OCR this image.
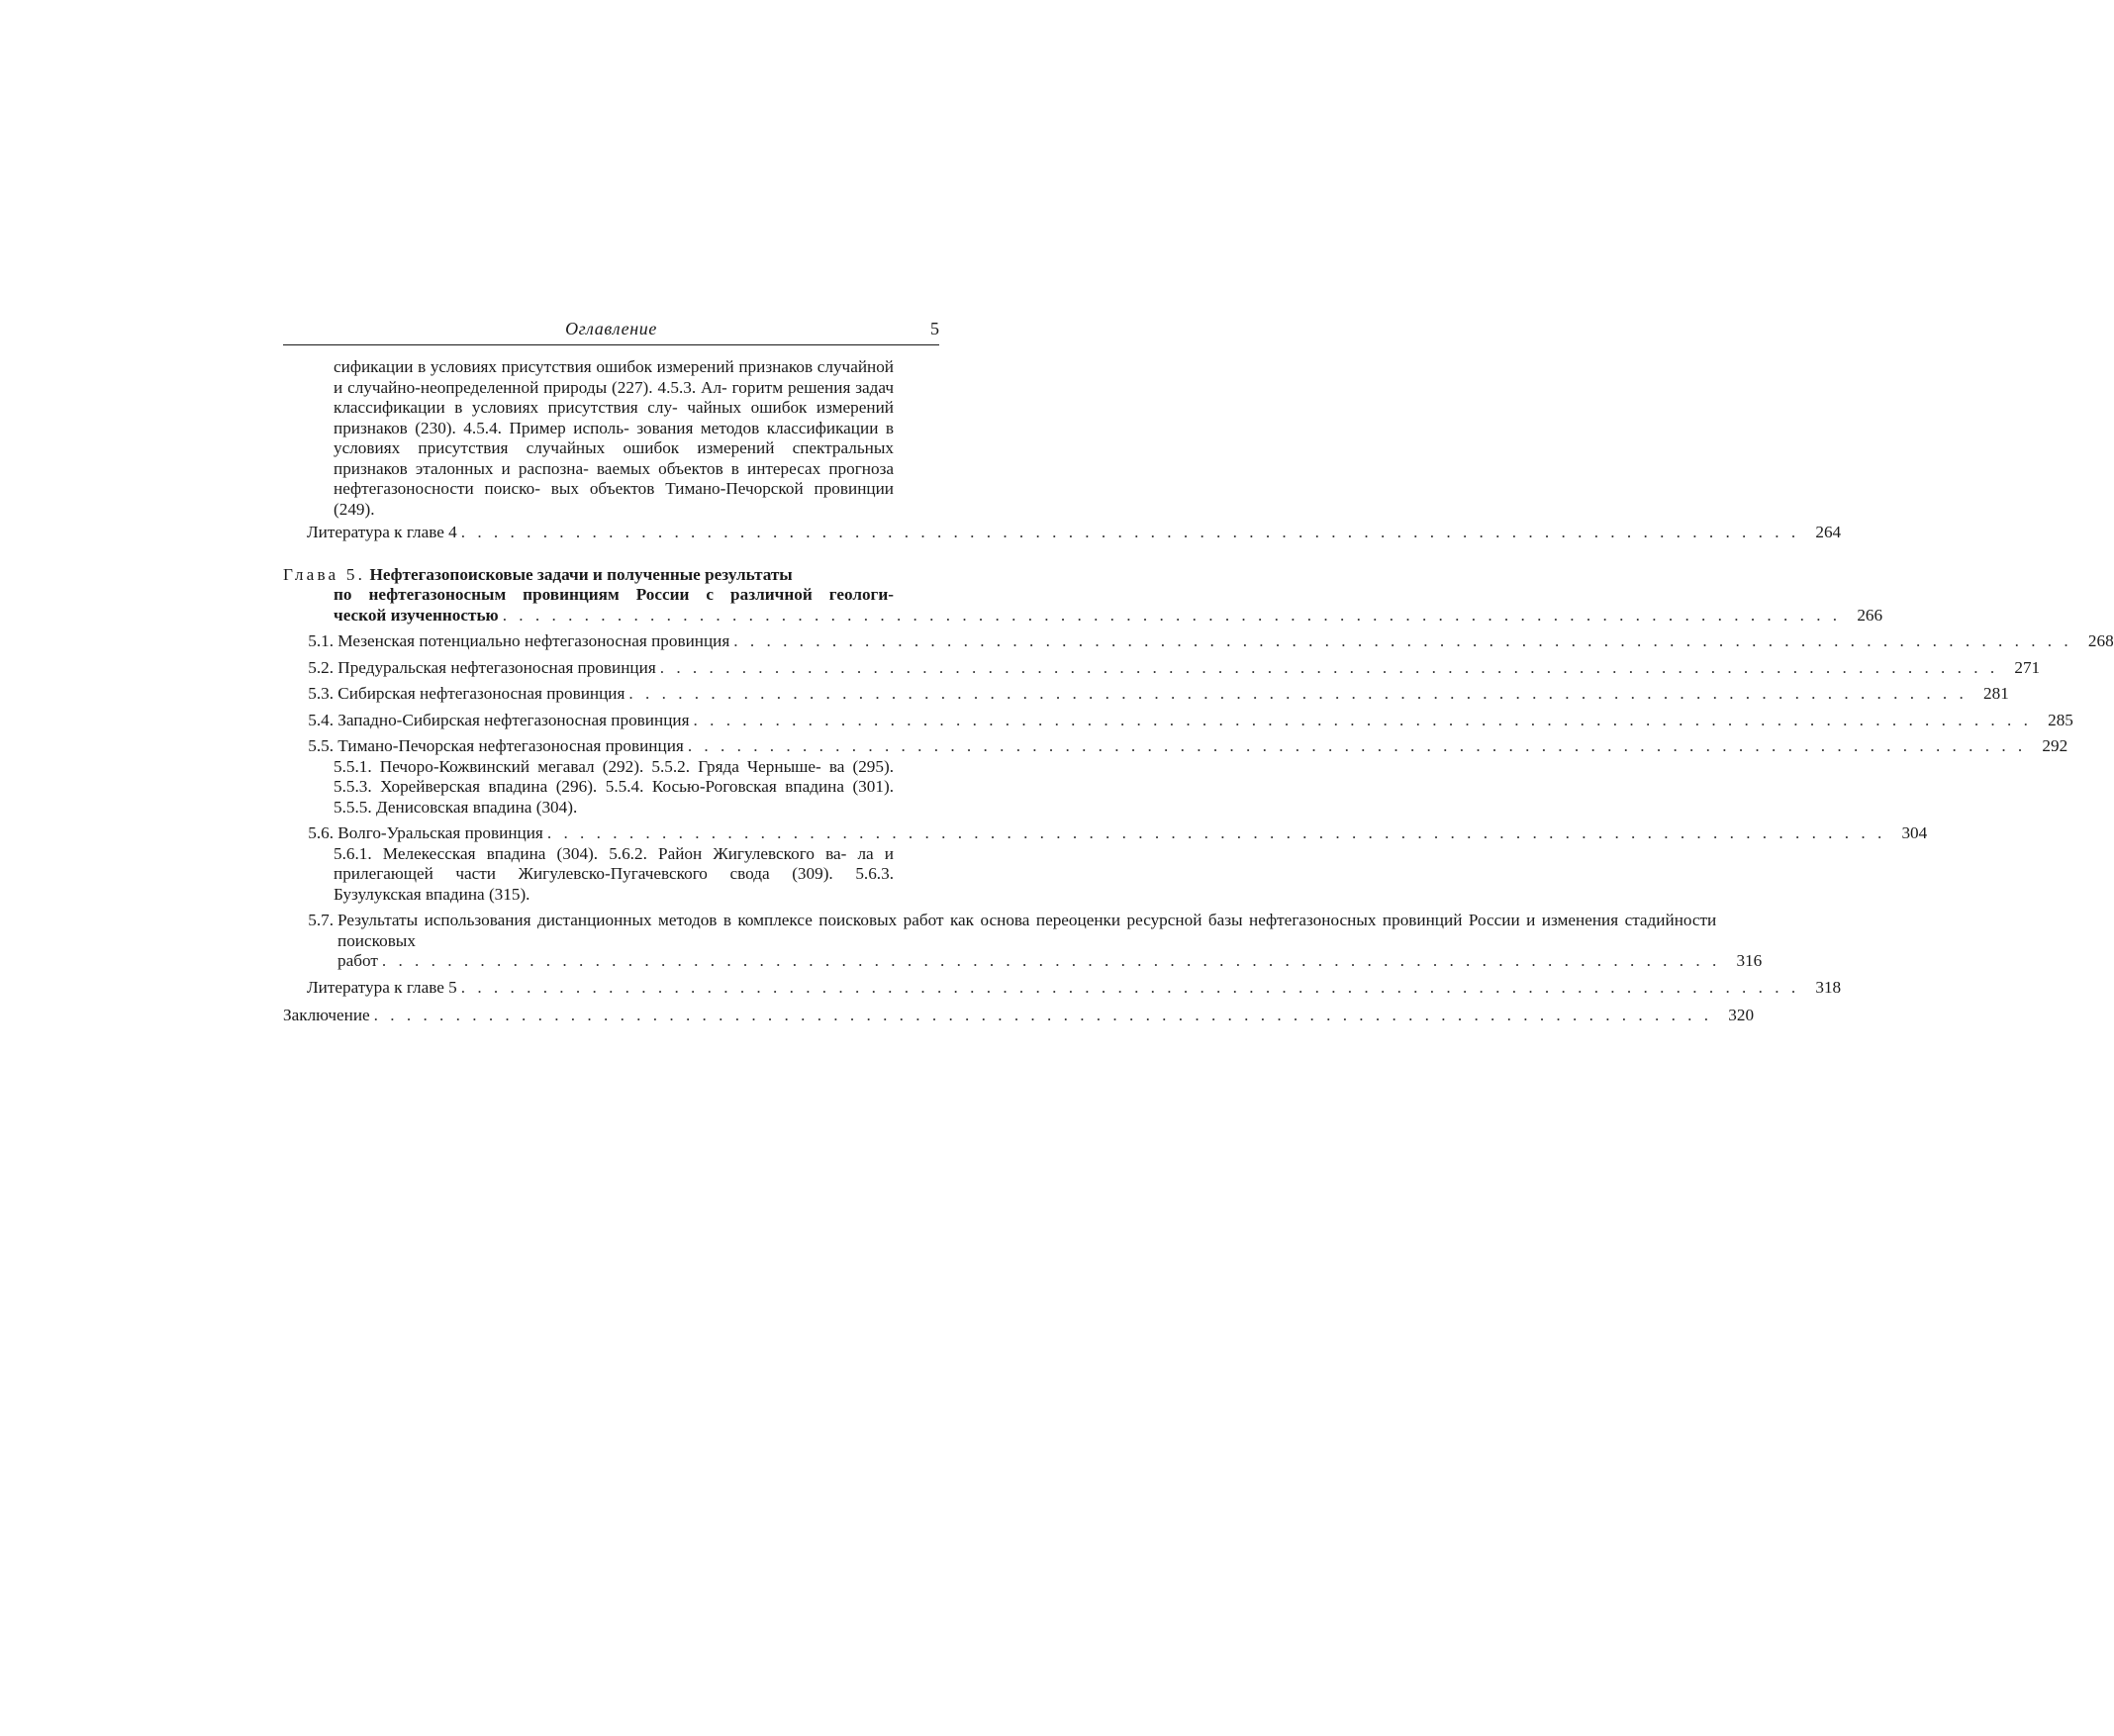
Оглавление	5
сификации в условиях присутствия ошибок измерений признаков случайной и случайно-неопределенной природы (227). 4.5.3. Ал- горитм решения задач классификации в условиях присутствия слу- чайных ошибок измерений признаков (230). 4.5.4. Пример исполь- зования методов классификации в условиях присутствия случайных ошибок измерений спектральных признаков эталонных и распозна- ваемых объектов в интересах прогноза нефтегазоносности поиско- вых объектов Тимано-Печорской провинции (249).
Литература к главе 4 . . .	264
Глава 5. Нефтегазопоисковые задачи и полученные результаты
по нефтегазоносным провинциям России с различной геологи-
ческой изученностью . . .	266
5.1. Мезенская потенциально нефтегазоносная провинция . . .	268
5.2. Предуральская нефтегазоносная провинция . . .	271
5.3. Сибирская нефтегазоносная провинция . . .	281
5.4. Западно-Сибирская нефтегазоносная провинция . . .	285
5.5. Тимано-Печорская нефтегазоносная провинция . . .	292
5.5.1. Печоро-Кожвинский мегавал (292). 5.5.2. Гряда Черныше- ва (295). 5.5.3. Хорейверская впадина (296). 5.5.4. Косью-Роговская впадина (301). 5.5.5. Денисовская впадина (304).
5.6. Волго-Уральская провинция . . .	304
5.6.1. Мелекесская впадина (304). 5.6.2. Район Жигулевского ва- ла и прилегающей части Жигулевско-Пугачевского свода (309). 5.6.3. Бузулукская впадина (315).
5.7. Результаты использования дистанционных методов в комплексе поисковых работ как основа переоценки ресурсной базы нефтегазоносных провинций России и изменения стадийности поисковых
работ . . .	316
Литература к главе 5 . . .	318
Заключение . . .	320
